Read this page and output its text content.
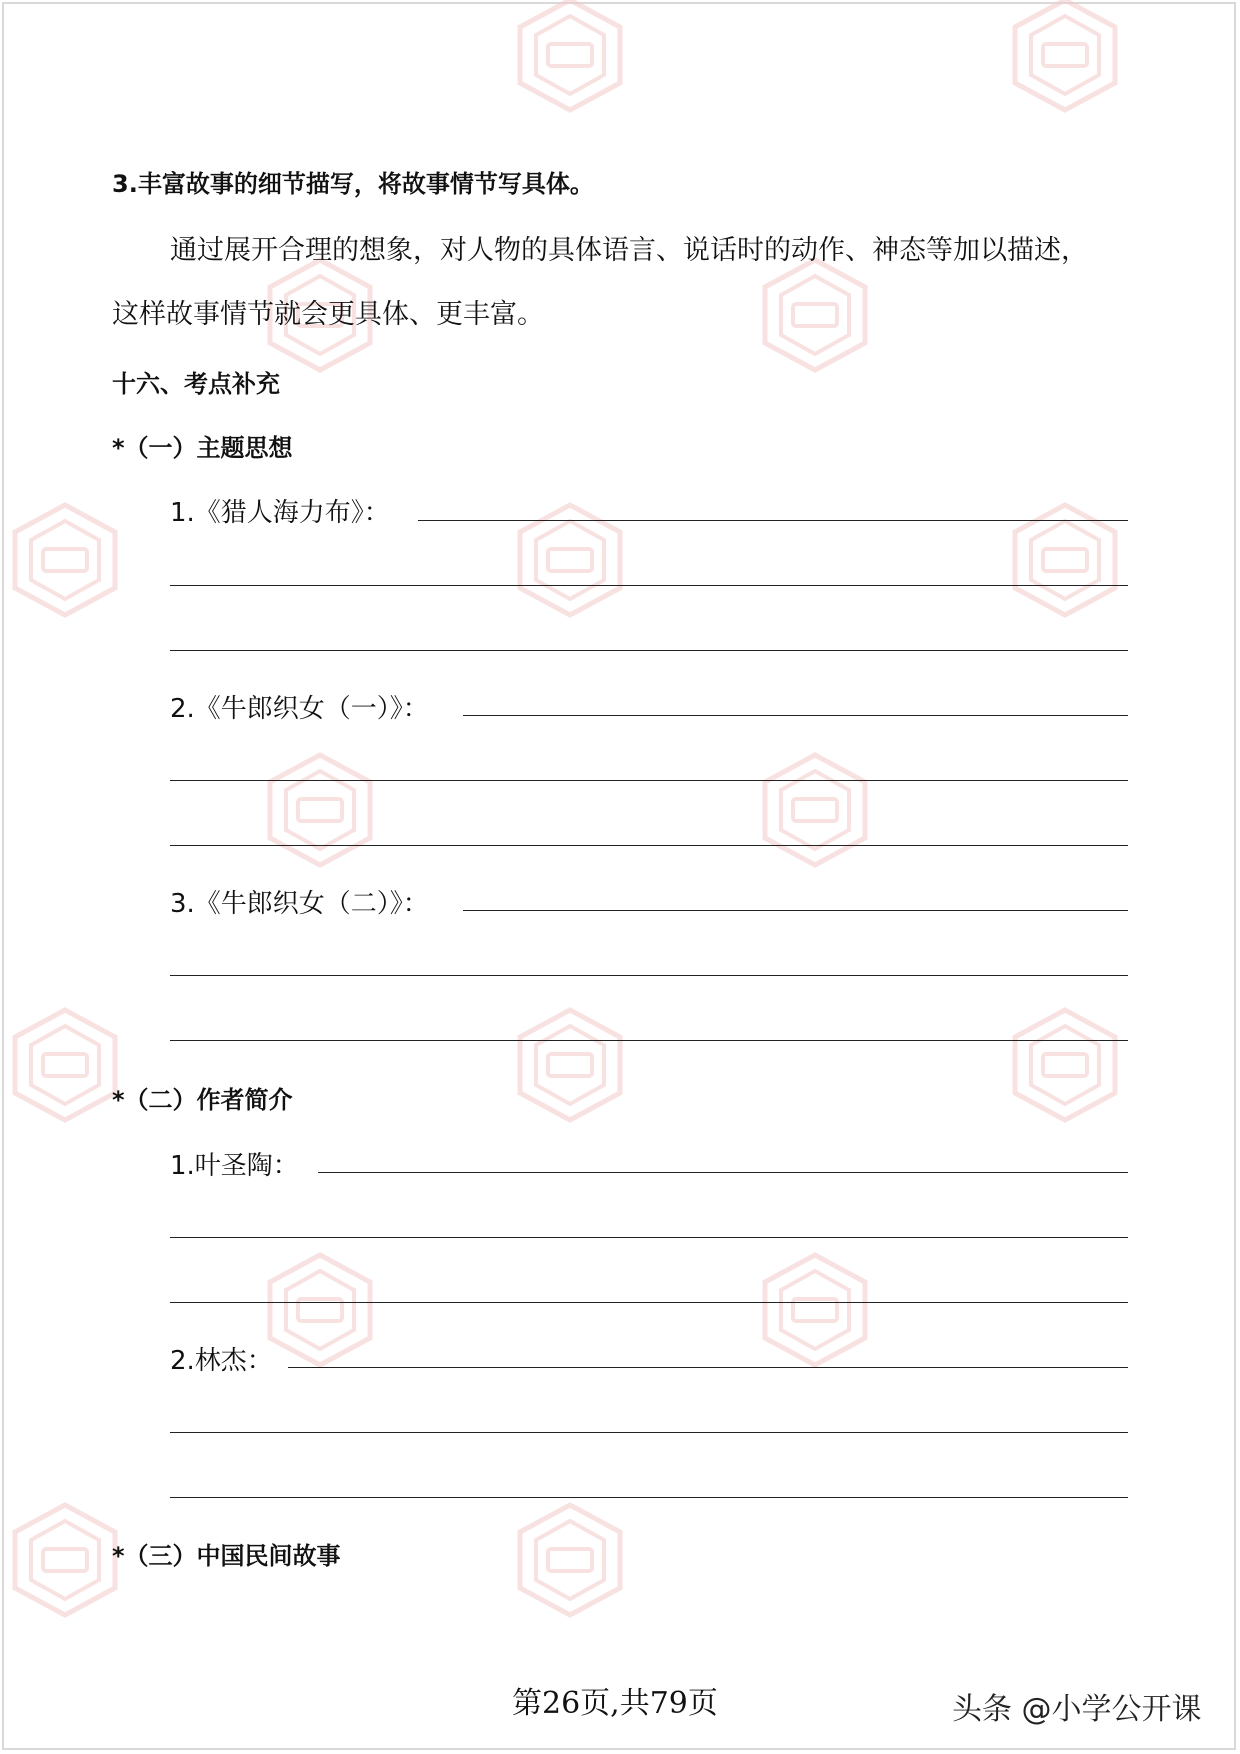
3.丰富故事的细节描写，将故事情节写具体。
通过展开合理的想象，对人物的具体语言、说话时的动作、神态等加以描述，
这样故事情节就会更具体、更丰富。
十六、考点补充
*（一）主题思想
1.《猎人海力布》：
2.《牛郎织女（一）》：
3.《牛郎织女（二）》：
*（二）作者简介
1.叶圣陶：
2.林杰：
*（三）中国民间故事
第26页,共79页	头条 @小学公开课
